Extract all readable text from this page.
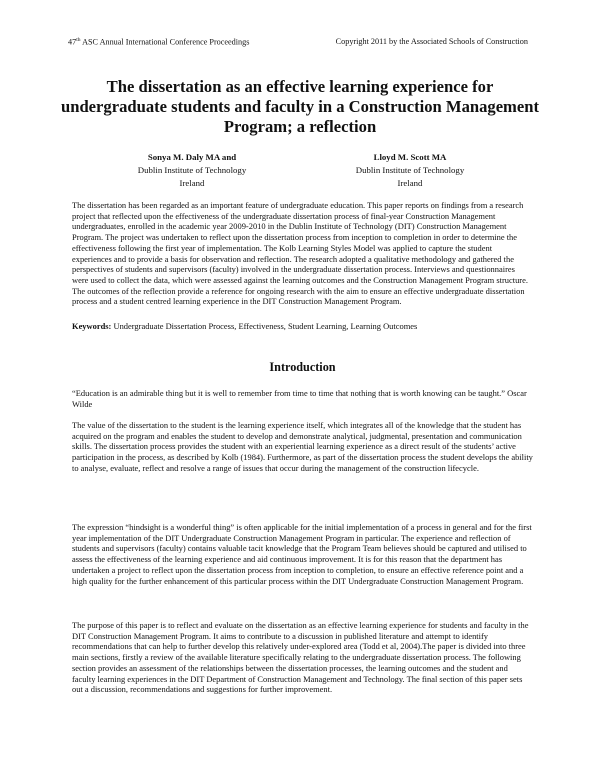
47th ASC Annual International Conference Proceedings	Copyright 2011 by the Associated Schools of Construction
The dissertation as an effective learning experience for undergraduate students and faculty in a Construction Management Program; a reflection
Sonya M. Daly MA and
Dublin Institute of Technology
Ireland
Lloyd M. Scott MA
Dublin Institute of Technology
Ireland
The dissertation has been regarded as an important feature of undergraduate education. This paper reports on findings from a research project that reflected upon the effectiveness of the undergraduate dissertation process of final-year Construction Management undergraduates, enrolled in the academic year 2009-2010 in the Dublin Institute of Technology (DIT) Construction Management Program. The project was undertaken to reflect upon the dissertation process from inception to completion in order to determine the effectiveness following the first year of implementation. The Kolb Learning Styles Model was applied to capture the student experiences and to provide a basis for observation and reflection. The research adopted a qualitative methodology and gathered the perspectives of students and supervisors (faculty) involved in the undergraduate dissertation process. Interviews and questionnaires were used to collect the data, which were assessed against the learning outcomes and the Construction Management Program structure. The outcomes of the reflection provide a reference for ongoing research with the aim to ensure an effective undergraduate dissertation process and a student centred learning experience in the DIT Construction Management Program.
Keywords: Undergraduate Dissertation Process, Effectiveness, Student Learning, Learning Outcomes
Introduction
“Education is an admirable thing but it is well to remember from time to time that nothing that is worth knowing can be taught.” Oscar Wilde
The value of the dissertation to the student is the learning experience itself, which integrates all of the knowledge that the student has acquired on the program and enables the student to develop and demonstrate analytical, judgmental, presentation and communication skills. The dissertation process provides the student with an experiential learning experience as a direct result of the students’ active participation in the process, as described by Kolb (1984). Furthermore, as part of the dissertation process the student develops the ability to analyse, evaluate, reflect and resolve a range of issues that occur during the management of the construction lifecycle.
The expression “hindsight is a wonderful thing” is often applicable for the initial implementation of a process in general and for the first year implementation of the DIT Undergraduate Construction Management Program in particular. The experience and reflection of students and supervisors (faculty) contains valuable tacit knowledge that the Program Team believes should be captured and utilised to assess the effectiveness of the learning experience and aid continuous improvement. It is for this reason that the department has undertaken a project to reflect upon the dissertation process from inception to completion, to ensure an effective reference point and a high quality for the further enhancement of this particular process within the DIT Undergraduate Construction Management Program.
The purpose of this paper is to reflect and evaluate on the dissertation as an effective learning experience for students and faculty in the DIT Construction Management Program. It aims to contribute to a discussion in published literature and attempt to identify recommendations that can help to further develop this relatively under-explored area (Todd et al, 2004).The paper is divided into three main sections, firstly a review of the available literature specifically relating to the undergraduate dissertation process. The following section provides an assessment of the relationships between the dissertation processes, the learning outcomes and the student and faculty learning experiences in the DIT Department of Construction Management and Technology. The final section of this paper sets out a discussion, recommendations and suggestions for further improvement.
